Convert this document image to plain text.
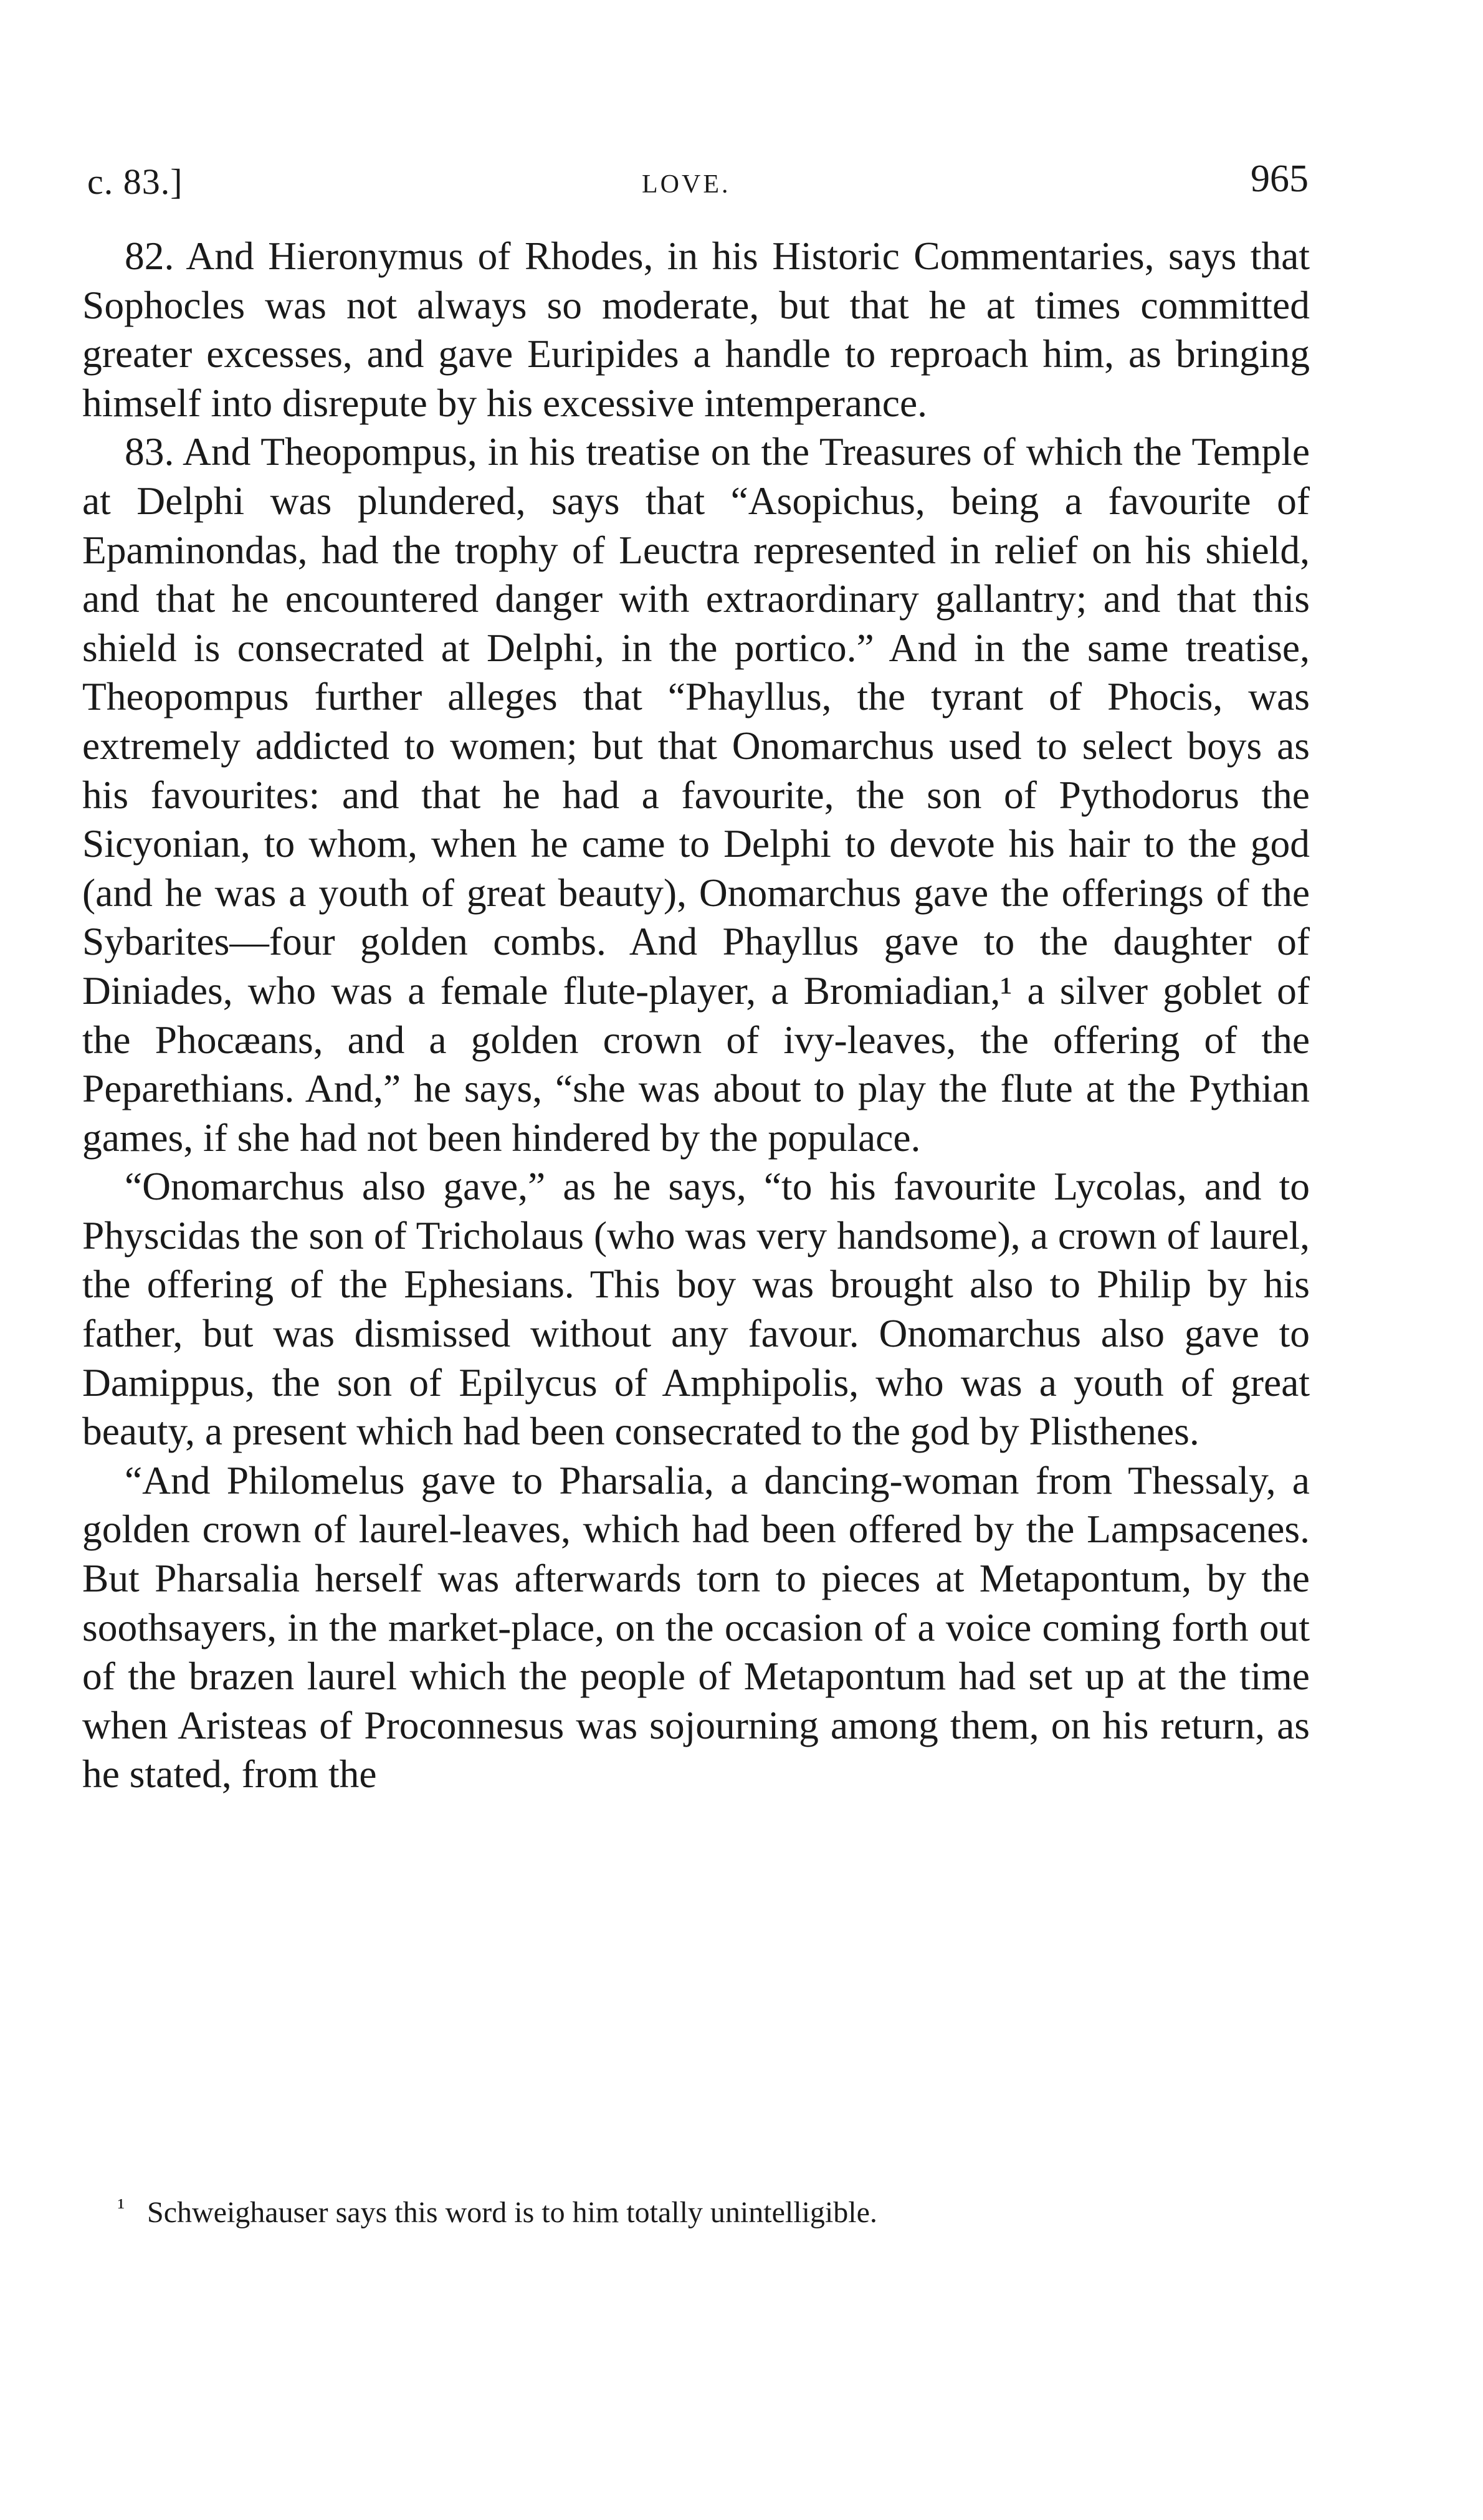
c. 83.]	LOVE.	965

82. And Hieronymus of Rhodes, in his Historic Commentaries, says that Sophocles was not always so moderate, but that he at times committed greater excesses, and gave Euripides a handle to reproach him, as bringing himself into disrepute by his excessive intemperance.

83. And Theopompus, in his treatise on the Treasures of which the Temple at Delphi was plundered, says that “Asopichus, being a favourite of Epaminondas, had the trophy of Leuctra represented in relief on his shield, and that he encountered danger with extraordinary gallantry; and that this shield is consecrated at Delphi, in the portico.” And in the same treatise, Theopompus further alleges that “Phayllus, the tyrant of Phocis, was extremely addicted to women; but that Onomarchus used to select boys as his favourites: and that he had a favourite, the son of Pythodorus the Sicyonian, to whom, when he came to Delphi to devote his hair to the god (and he was a youth of great beauty), Onomarchus gave the offerings of the Sybarites—four golden combs. And Phayllus gave to the daughter of Diniades, who was a female flute-player, a Bromiadian,¹ a silver goblet of the Phocæans, and a golden crown of ivy-leaves, the offering of the Peparethians. And,” he says, “she was about to play the flute at the Pythian games, if she had not been hindered by the populace.

“Onomarchus also gave,” as he says, “to his favourite Lycolas, and to Physcidas the son of Tricholaus (who was very handsome), a crown of laurel, the offering of the Ephesians. This boy was brought also to Philip by his father, but was dismissed without any favour. Onomarchus also gave to Damippus, the son of Epilycus of Amphipolis, who was a youth of great beauty, a present which had been consecrated to the god by Plisthenes.

“And Philomelus gave to Pharsalia, a dancing-woman from Thessaly, a golden crown of laurel-leaves, which had been offered by the Lampsacenes. But Pharsalia herself was afterwards torn to pieces at Metapontum, by the soothsayers, in the market-place, on the occasion of a voice coming forth out of the brazen laurel which the people of Metapontum had set up at the time when Aristeas of Proconnesus was sojourning among them, on his return, as he stated, from the

¹ Schweighauser says this word is to him totally unintelligible.
